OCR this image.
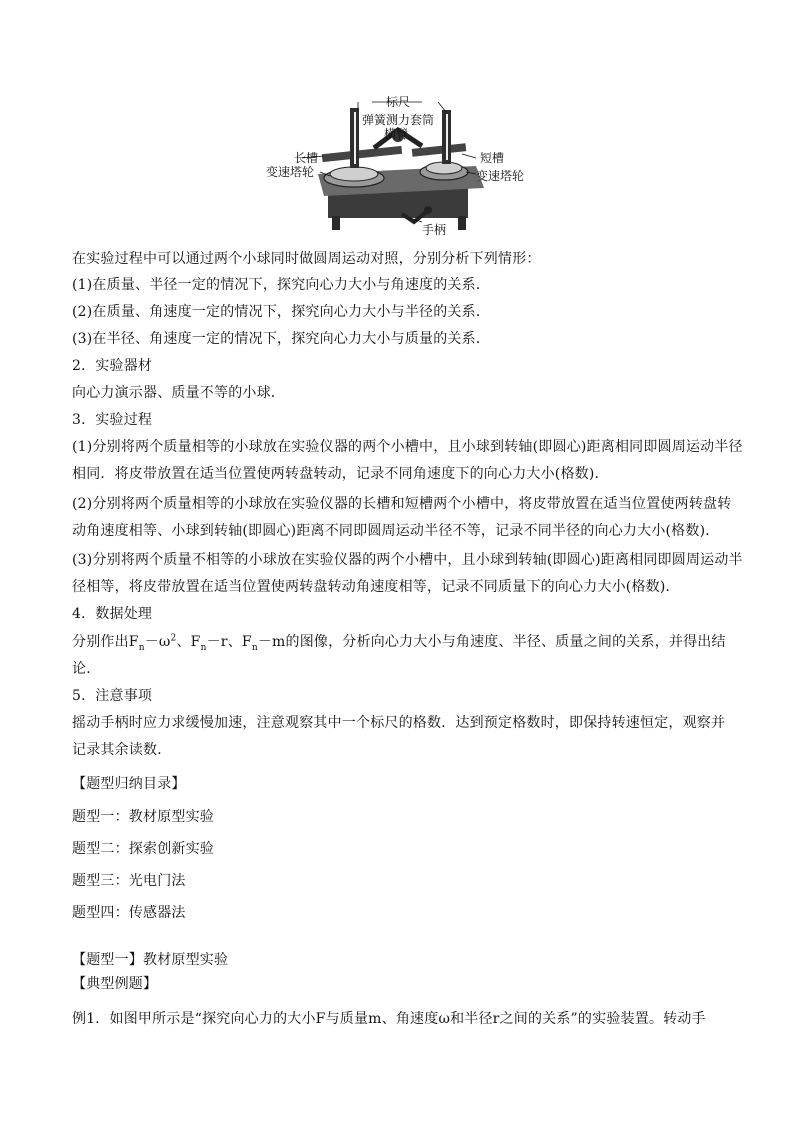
标尺
弹簧测力套筒
横臂
长槽
变速塔轮
短槽
变速塔轮
手柄
在实验过程中可以通过两个小球同时做圆周运动对照，分别分析下列情形：
(1)在质量、半径一定的情况下，探究向心力大小与角速度的关系．
(2)在质量、角速度一定的情况下，探究向心力大小与半径的关系．
(3)在半径、角速度一定的情况下，探究向心力大小与质量的关系．
2．实验器材
向心力演示器、质量不等的小球．
3．实验过程
(1)分别将两个质量相等的小球放在实验仪器的两个小槽中，且小球到转轴(即圆心)距离相同即圆周运动半径
相同．将皮带放置在适当位置使两转盘转动，记录不同角速度下的向心力大小(格数)．
(2)分别将两个质量相等的小球放在实验仪器的长槽和短槽两个小槽中，将皮带放置在适当位置使两转盘转
动角速度相等、小球到转轴(即圆心)距离不同即圆周运动半径不等，记录不同半径的向心力大小(格数)．
(3)分别将两个质量不相等的小球放在实验仪器的两个小槽中，且小球到转轴(即圆心)距离相同即圆周运动半
径相等，将皮带放置在适当位置使两转盘转动角速度相等，记录不同质量下的向心力大小(格数)．
4．数据处理
分别作出$F_n-\omega^2$、$F_n-r$、$F_n-m$的图像，分析向心力大小与角速度、半径、质量之间的关系，并得出结
论．
5．注意事项
摇动手柄时应力求缓慢加速，注意观察其中一个标尺的格数．达到预定格数时，即保持转速恒定，观察并
记录其余读数．
【题型归纳目录】
题型一：教材原型实验
题型二：探索创新实验
题型三：光电门法
题型四：传感器法
【题型一】教材原型实验
【典型例题】
例1．如图甲所示是“探究向心力的大小F与质量m、角速度ω和半径r之间的关系”的实验装置。转动手
